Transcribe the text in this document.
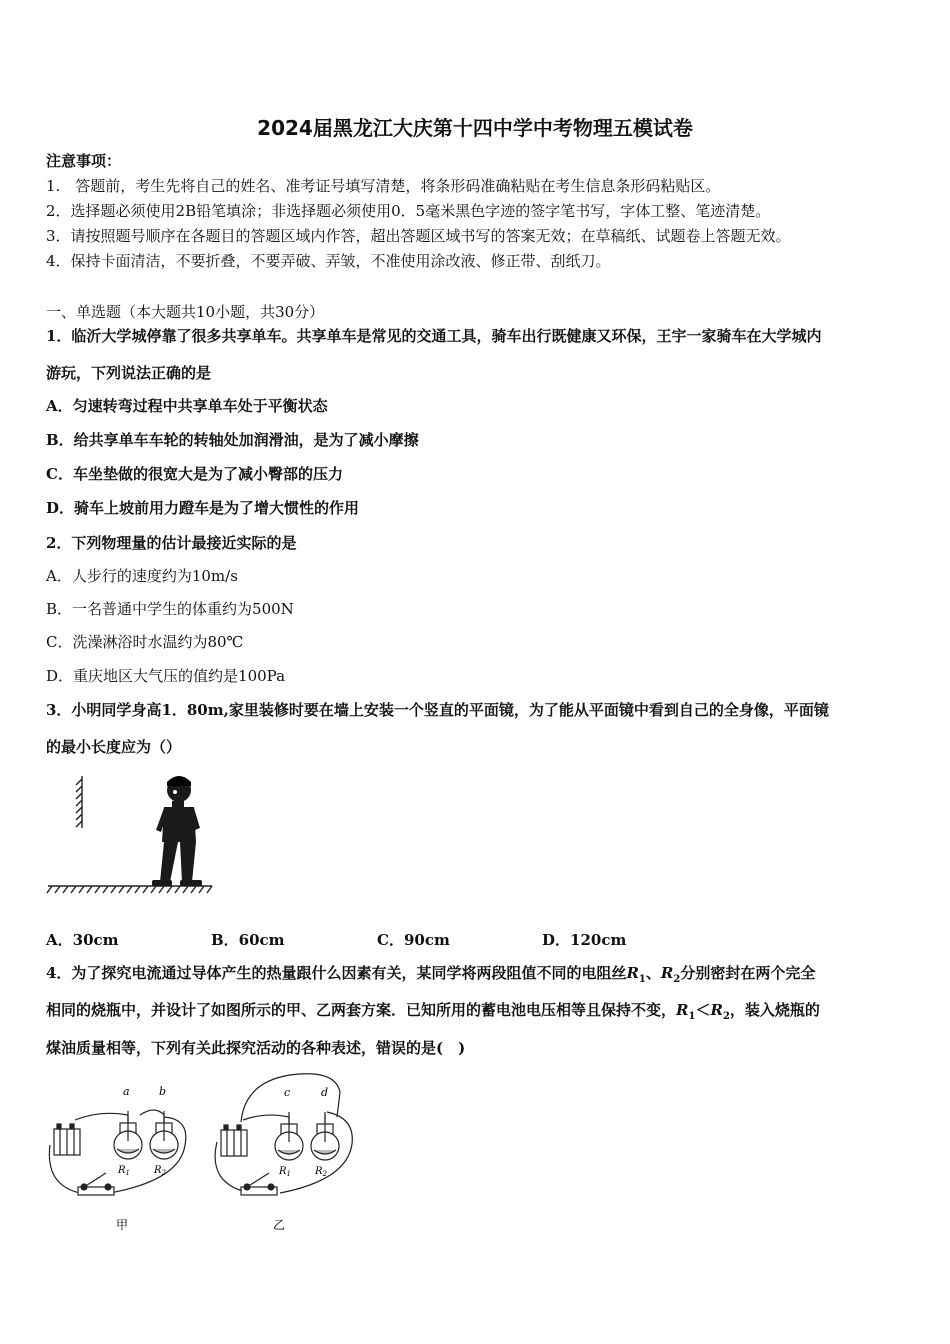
2024届黑龙江大庆第十四中学中考物理五模试卷
注意事项：
1.　答题前，考生先将自己的姓名、准考证号填写清楚，将条形码准确粘贴在考生信息条形码粘贴区。
2．选择题必须使用2B铅笔填涂；非选择题必须使用0．5毫米黑色字迹的签字笔书写，字体工整、笔迹清楚。
3．请按照题号顺序在各题目的答题区域内作答，超出答题区域书写的答案无效；在草稿纸、试题卷上答题无效。
4．保持卡面清洁，不要折叠，不要弄破、弄皱，不准使用涂改液、修正带、刮纸刀。
一、单选题（本大题共10小题，共30分）
1．临沂大学城停靠了很多共享单车。共享单车是常见的交通工具，骑车出行既健康又环保，王宇一家骑车在大学城内
游玩，下列说法正确的是
A．匀速转弯过程中共享单车处于平衡状态
B．给共享单车车轮的转轴处加润滑油，是为了减小摩擦
C．车坐垫做的很宽大是为了减小臀部的压力
D．骑车上坡前用力蹬车是为了增大惯性的作用
2．下列物理量的估计最接近实际的是
A．人步行的速度约为10m/s
B．一名普通中学生的体重约为500N
C．洗澡淋浴时水温约为80℃
D．重庆地区大气压的值约是100Pa
3．小明同学身高1．80m,家里装修时要在墙上安装一个竖直的平面镜，为了能从平面镜中看到自己的全身像，平面镜
的最小长度应为（）
A．30cm	B．60cm	C．90cm	D．120cm
4．为了探究电流通过导体产生的热量跟什么因素有关，某同学将两段阻值不同的电阻丝$R_1$、$R_2$分别密封在两个完全
相同的烧瓶中，并设计了如图所示的甲、乙两套方案．已知所用的蓄电池电压相等且保持不变，$R_1<R_2$，装入烧瓶的
煤油质量相等，下列有关此探究活动的各种表述，错误的是(　)
a	b
$R_1$ $R_2$
甲
c	d
$R_1$ $R_2$
乙
